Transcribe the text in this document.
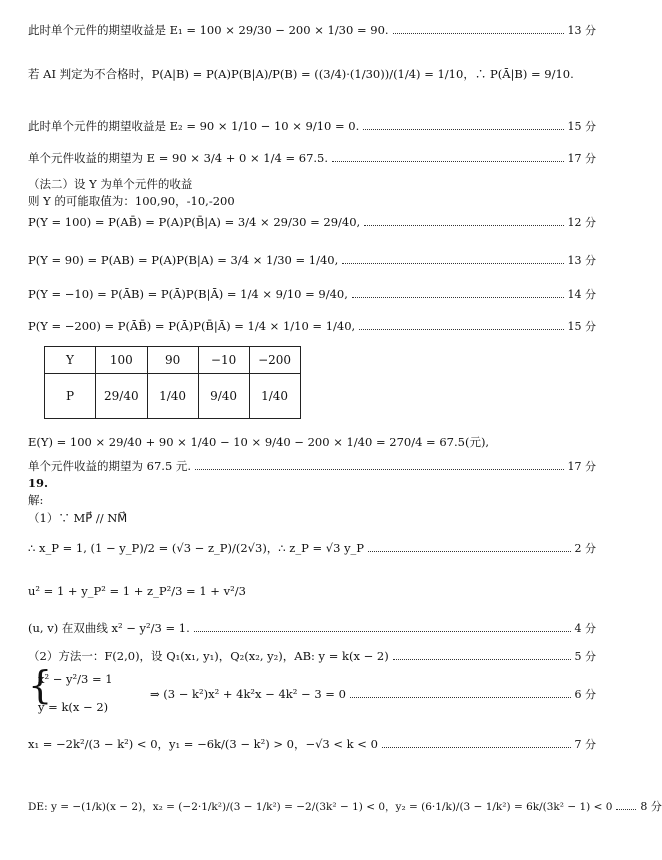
此时单个元件的期望收益是 E₁ = 100 × 29/30 − 200 × 1/30 = 90.	13 分
若 AI 判定为不合格时，P(A|B) = P(A)P(B|A)/P(B) = ((3/4)·(1/30))/(1/4) = 1/10，∴ P(Ā|B) = 9/10.
此时单个元件的期望收益是 E₂ = 90 × 1/10 − 10 × 9/10 = 0.	15 分
单个元件收益的期望为 E = 90 × 3/4 + 0 × 1/4 = 67.5.	17 分
（法二）设 Y 为单个元件的收益
则 Y 的可能取值为：100,90，-10,-200
P(Y = 100) = P(AB̄) = P(A)P(B̄|A) = 3/4 × 29/30 = 29/40,	12 分
P(Y = 90) = P(AB) = P(A)P(B|A) = 3/4 × 1/30 = 1/40,	13 分
P(Y = −10) = P(ĀB) = P(Ā)P(B|Ā) = 1/4 × 9/10 = 9/40,	14 分
P(Y = −200) = P(ĀB̄) = P(Ā)P(B̄|Ā) = 1/4 × 1/10 = 1/40,	15 分
Y	100	90	−10	−200
P	29/40	1/40	9/40	1/40
E(Y) = 100 × 29/40 + 90 × 1/40 − 10 × 9/40 − 200 × 1/40 = 270/4 = 67.5(元),
单个元件收益的期望为 67.5 元.	17 分
19.
解:
（1）∵ MP⃗ // NM⃗
∴ x_P = 1, (1 − y_P)/2 = (√3 − z_P)/(2√3)，∴ z_P = √3 y_P	2 分
u² = 1 + y_P² = 1 + z_P²/3 = 1 + v²/3
(u, v) 在双曲线 x² − y²/3 = 1.	4 分
（2）方法一：F(2,0)，设 Q₁(x₁, y₁)，Q₂(x₂, y₂)，AB: y = k(x − 2)	5 分
{
x² − y²/3 = 1
y = k(x − 2)
⇒ (3 − k²)x² + 4k²x − 4k² − 3 = 0	6 分
x₁ = −2k²/(3 − k²) < 0，y₁ = −6k/(3 − k²) > 0，−√3 < k < 0	7 分
DE: y = −(1/k)(x − 2)，x₂ = (−2·1/k²)/(3 − 1/k²) = −2/(3k² − 1) < 0，y₂ = (6·1/k)/(3 − 1/k²) = 6k/(3k² − 1) < 0	8 分
